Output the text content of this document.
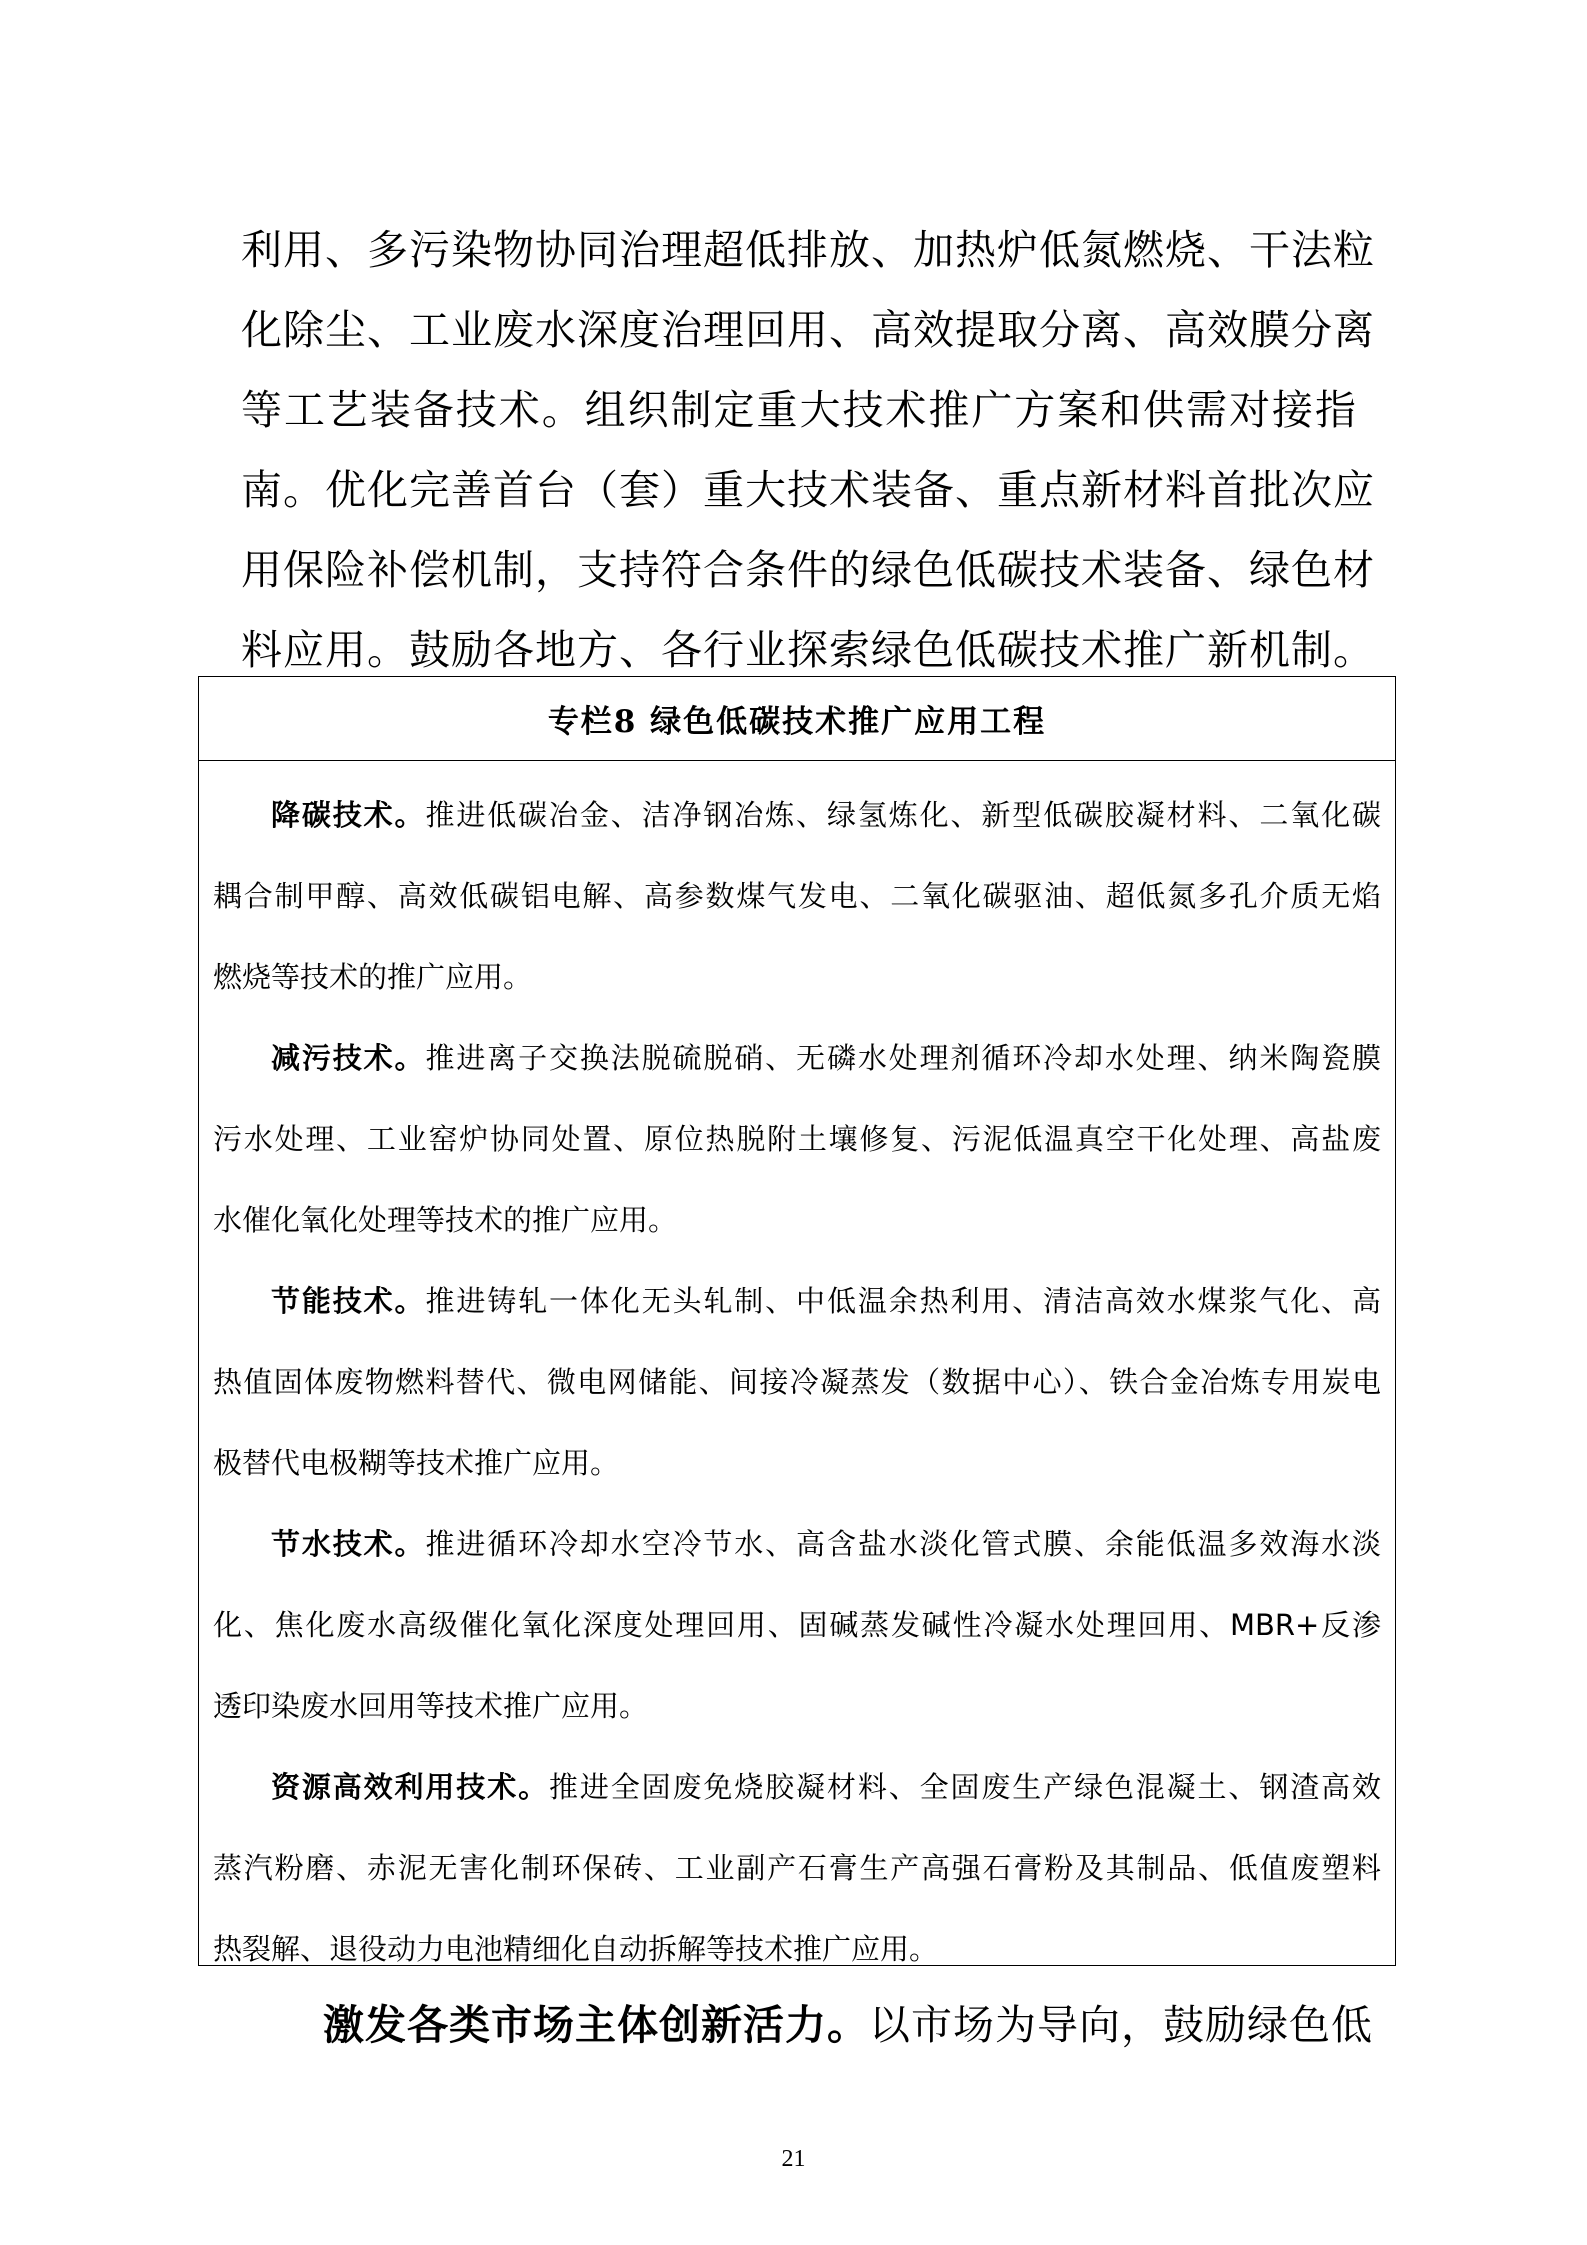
利用、多污染物协同治理超低排放、加热炉低氮燃烧、干法粒
化除尘、工业废水深度治理回用、高效提取分离、高效膜分离
等工艺装备技术。组织制定重大技术推广方案和供需对接指
南。优化完善首台（套）重大技术装备、重点新材料首批次应
用保险补偿机制，支持符合条件的绿色低碳技术装备、绿色材
料应用。鼓励各地方、各行业探索绿色低碳技术推广新机制。
专栏8 绿色低碳技术推广应用工程
降碳技术。推进低碳冶金、洁净钢冶炼、绿氢炼化、新型低碳胶凝材料、二氧化碳
耦合制甲醇、高效低碳铝电解、高参数煤气发电、二氧化碳驱油、超低氮多孔介质无焰
燃烧等技术的推广应用。
减污技术。推进离子交换法脱硫脱硝、无磷水处理剂循环冷却水处理、纳米陶瓷膜
污水处理、工业窑炉协同处置、原位热脱附土壤修复、污泥低温真空干化处理、高盐废
水催化氧化处理等技术的推广应用。
节能技术。推进铸轧一体化无头轧制、中低温余热利用、清洁高效水煤浆气化、高
热值固体废物燃料替代、微电网储能、间接冷凝蒸发（数据中心）、铁合金冶炼专用炭电
极替代电极糊等技术推广应用。
节水技术。推进循环冷却水空冷节水、高含盐水淡化管式膜、余能低温多效海水淡
化、焦化废水高级催化氧化深度处理回用、固碱蒸发碱性冷凝水处理回用、MBR+反渗
透印染废水回用等技术推广应用。
资源高效利用技术。推进全固废免烧胶凝材料、全固废生产绿色混凝土、钢渣高效
蒸汽粉磨、赤泥无害化制环保砖、工业副产石膏生产高强石膏粉及其制品、低值废塑料
热裂解、退役动力电池精细化自动拆解等技术推广应用。
激发各类市场主体创新活力。以市场为导向，鼓励绿色低
21
